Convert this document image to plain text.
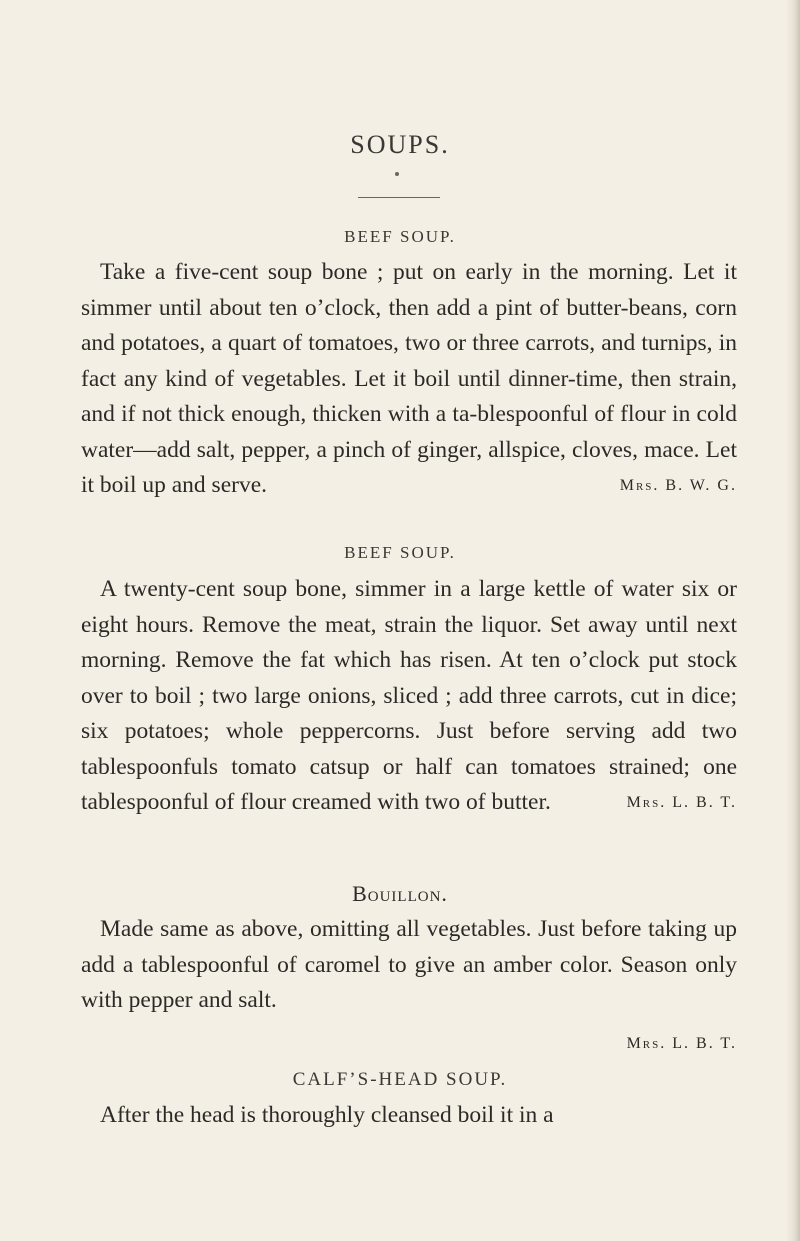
SOUPS.
BEEF SOUP.

Take a five-cent soup bone ; put on early in the morning. Let it simmer until about ten o’clock, then add a pint of butter-beans, corn and potatoes, a quart of tomatoes, two or three carrots, and turnips, in fact any kind of vegetables. Let it boil until dinner-time, then strain, and if not thick enough, thicken with a ta-blespoonful of flour in cold water—add salt, pepper, a pinch of ginger, allspice, cloves, mace. Let it boil up and serve.	Mrs. B. W. G.

BEEF SOUP.

A twenty-cent soup bone, simmer in a large kettle of water six or eight hours. Remove the meat, strain the liquor. Set away until next morning. Remove the fat which has risen. At ten o’clock put stock over to boil ; two large onions, sliced ; add three carrots, cut in dice; six potatoes; whole peppercorns. Just before serving add two tablespoonfuls tomato catsup or half can tomatoes strained; one tablespoonful of flour creamed with two of butter.	Mrs. L. B. T.

Bouillon.

Made same as above, omitting all vegetables. Just before taking up add a tablespoonful of caromel to give an amber color. Season only with pepper and salt.

Mrs. L. B. T.
CALF’S-HEAD SOUP.

After the head is thoroughly cleansed boil it in a
